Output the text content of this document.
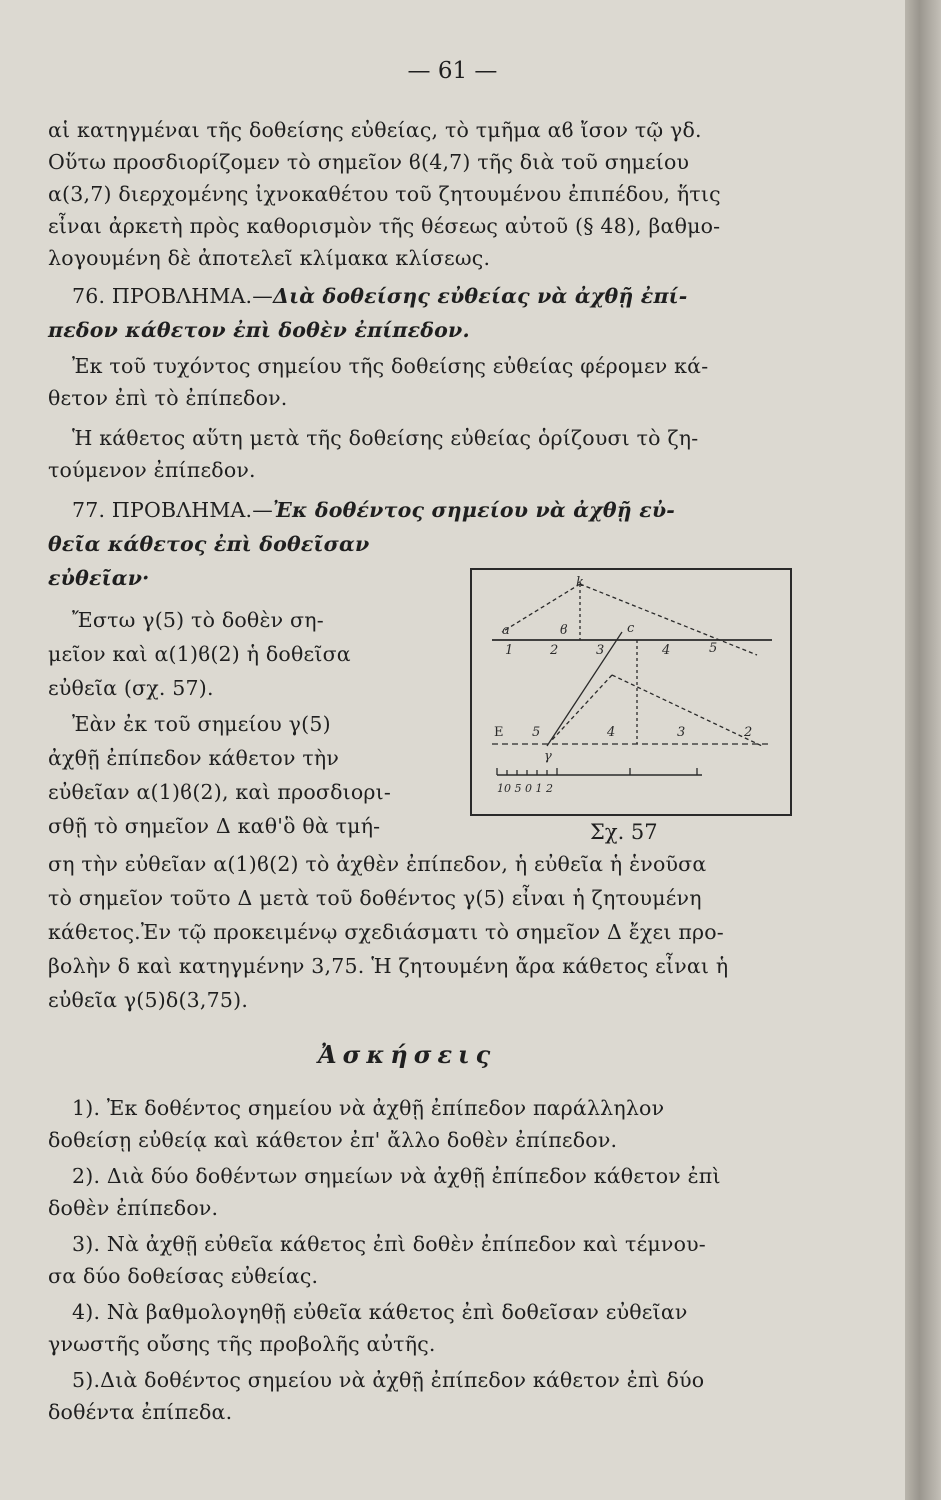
— 61 —
αἱ κατηγμέναι τῆς δοθείσης εὐθείας, τὸ τμῆμα αϐ ἴσον τῷ γδ.
Οὕτω προσδιορίζομεν τὸ σημεῖον ϐ(4,7) τῆς διὰ τοῦ σημείου
α(3,7) διερχομένης ἰχνοκαθέτου τοῦ ζητουμένου ἐπιπέδου, ἥτις
εἶναι ἀρκετὴ πρὸς καθορισμὸν τῆς θέσεως αὐτοῦ (§ 48), βαθμο-
λογουμένη δὲ ἀποτελεῖ κλίμακα κλίσεως.
76. ΠΡΟΒΛΗΜΑ.—Διὰ δοθείσης εὐθείας νὰ ἀχθῇ ἐπί-
πεδον κάθετον ἐπὶ δοθὲν ἐπίπεδον.
Ἐκ τοῦ τυχόντος σημείου τῆς δοθείσης εὐθείας φέρομεν κά-
θετον ἐπὶ τὸ ἐπίπεδον.
Ἡ κάθετος αὕτη μετὰ τῆς δοθείσης εὐθείας ὁρίζουσι τὸ ζη-
τούμενον ἐπίπεδον.
77. ΠΡΟΒΛΗΜΑ.—Ἐκ δοθέντος σημείου νὰ ἀχθῇ εὐ-
θεῖα κάθετος ἐπὶ δοθεῖσαν
εὐθεῖαν·
Ἔστω γ(5) τὸ δοθὲν ση-
μεῖον καὶ α(1)ϐ(2) ἡ δοθεῖσα
εὐθεῖα (σχ. 57).
Ἐὰν ἐκ τοῦ σημείου γ(5)
ἀχθῇ ἐπίπεδον κάθετον τὴν
εὐθεῖαν α(1)ϐ(2), καὶ προσδιορι-
σθῇ τὸ σημεῖον Δ καθ'ὃ θὰ τμή-
k
a	ϐ	c
1	2	3	4	5
E 5
γ
4	3	2
10 5 0 1 2
Σχ. 57
ση τὴν εὐθεῖαν α(1)ϐ(2) τὸ ἀχθὲν ἐπίπεδον, ἡ εὐθεῖα ἡ ἑνοῦσα
τὸ σημεῖον τοῦτο Δ μετὰ τοῦ δοθέντος γ(5) εἶναι ἡ ζητουμένη
κάθετος.Ἐν τῷ προκειμένῳ σχεδιάσματι τὸ σημεῖον Δ ἔχει προ-
βολὴν δ καὶ κατηγμένην 3,75. Ἡ ζητουμένη ἄρα κάθετος εἶναι ἡ
εὐθεῖα γ(5)δ(3,75).
Ἀσκήσεις
1). Ἐκ δοθέντος σημείου νὰ ἀχθῇ ἐπίπεδον παράλληλον
δοθείσῃ εὐθείᾳ καὶ κάθετον ἐπ' ἄλλο δοθὲν ἐπίπεδον.
2). Διὰ δύο δοθέντων σημείων νὰ ἀχθῇ ἐπίπεδον κάθετον ἐπὶ
δοθὲν ἐπίπεδον.
3). Νὰ ἀχθῇ εὐθεῖα κάθετος ἐπὶ δοθὲν ἐπίπεδον καὶ τέμνου-
σα δύο δοθείσας εὐθείας.
4). Νὰ βαθμολογηθῇ εὐθεῖα κάθετος ἐπὶ δοθεῖσαν εὐθεῖαν
γνωστῆς οὔσης τῆς προβολῆς αὐτῆς.
5).Διὰ δοθέντος σημείου νὰ ἀχθῇ ἐπίπεδον κάθετον ἐπὶ δύο
δοθέντα ἐπίπεδα.
